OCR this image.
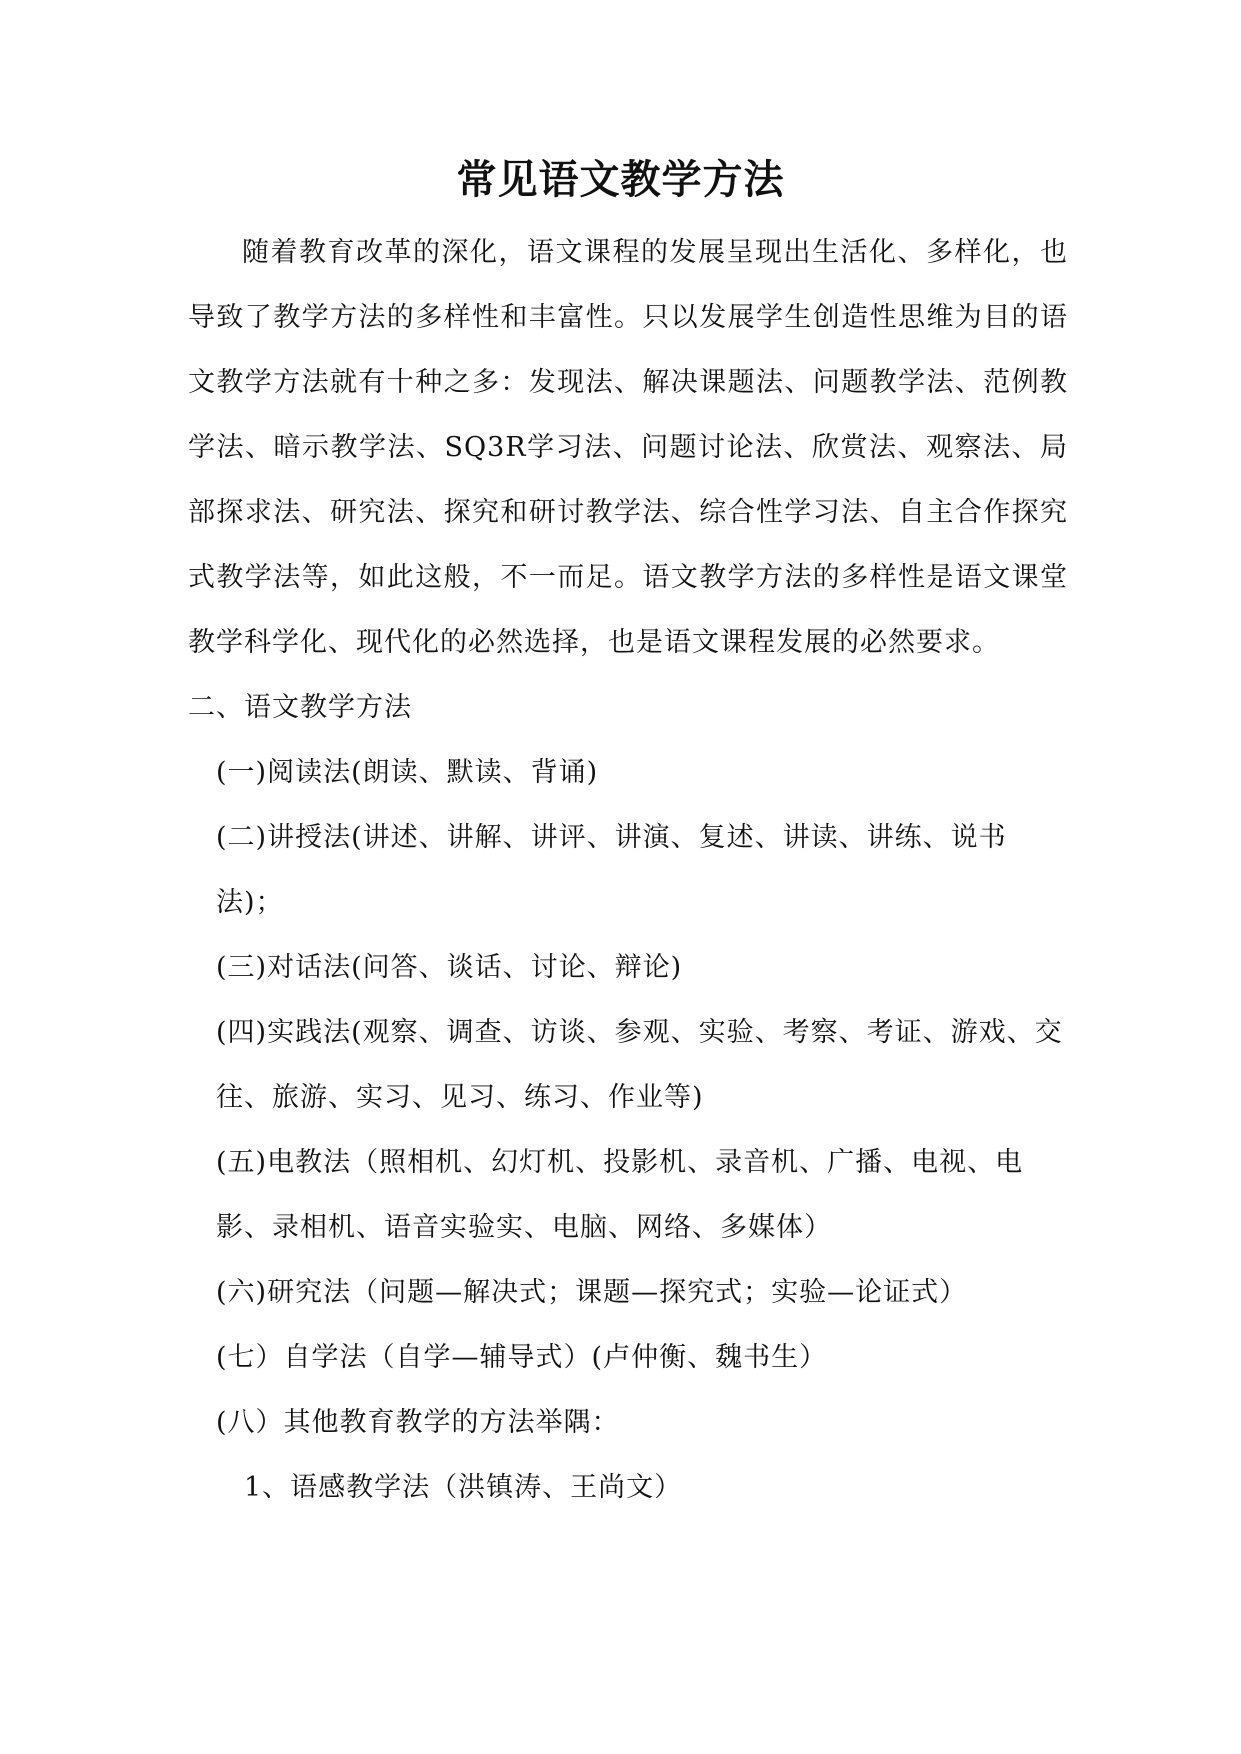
常见语文教学方法

随着教育改革的深化，语文课程的发展呈现出生活化、多样化，也导致了教学方法的多样性和丰富性。只以发展学生创造性思维为目的语文教学方法就有十种之多：发现法、解决课题法、问题教学法、范例教学法、暗示教学法、SQ3R学习法、问题讨论法、欣赏法、观察法、局部探求法、研究法、探究和研讨教学法、综合性学习法、自主合作探究式教学法等，如此这般，不一而足。语文教学方法的多样性是语文课堂教学科学化、现代化的必然选择，也是语文课程发展的必然要求。

二、语文教学方法

(一)阅读法(朗读、默读、背诵)

(二)讲授法(讲述、讲解、讲评、讲演、复述、讲读、讲练、说书法)；

(三)对话法(问答、谈话、讨论、辩论)

(四)实践法(观察、调查、访谈、参观、实验、考察、考证、游戏、交往、旅游、实习、见习、练习、作业等)

(五)电教法（照相机、幻灯机、投影机、录音机、广播、电视、电影、录相机、语音实验实、电脑、网络、多媒体）

(六)研究法（问题—解决式；课题—探究式；实验—论证式）

(七）自学法（自学—辅导式）(卢仲衡、魏书生）

(八）其他教育教学的方法举隅：

1、语感教学法（洪镇涛、王尚文）
